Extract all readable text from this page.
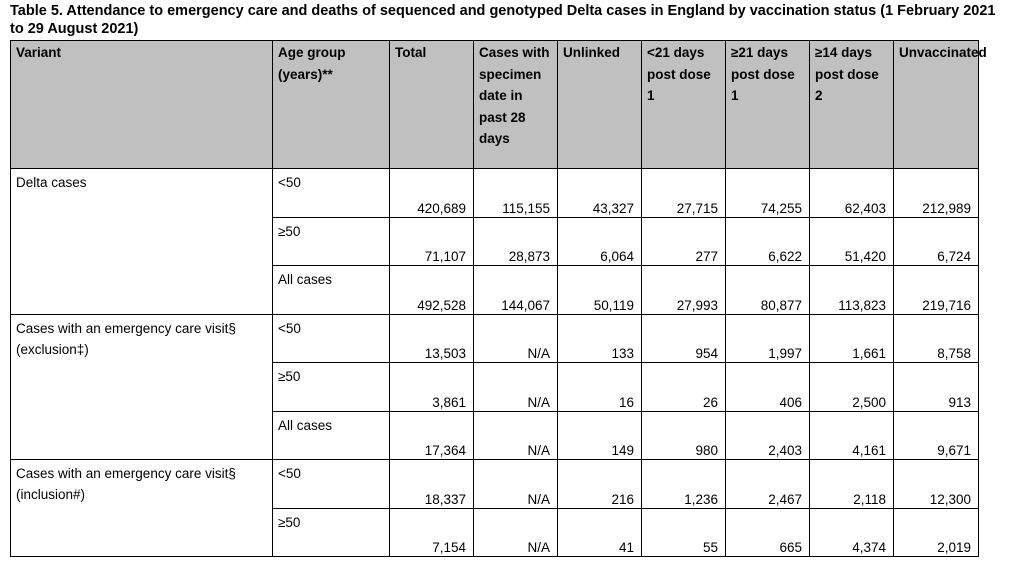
Table 5. Attendance to emergency care and deaths of sequenced and genotyped Delta cases in England by vaccination status (1 February 2021 to 29 August 2021)
Variant	Age group (years)**	Total	Cases with specimen date in past 28 days	Unlinked	<21 days post dose 1	≥21 days post dose 1	≥14 days post dose 2	Unvaccinated
Delta cases	<50	420,689	115,155	43,327	27,715	74,255	62,403	212,989
	≥50	71,107	28,873	6,064	277	6,622	51,420	6,724
	All cases	492,528	144,067	50,119	27,993	80,877	113,823	219,716
Cases with an emergency care visit§ (exclusion‡)	<50	13,503	N/A	133	954	1,997	1,661	8,758
	≥50	3,861	N/A	16	26	406	2,500	913
	All cases	17,364	N/A	149	980	2,403	4,161	9,671
Cases with an emergency care visit§ (inclusion#)	<50	18,337	N/A	216	1,236	2,467	2,118	12,300
	≥50	7,154	N/A	41	55	665	4,374	2,019
